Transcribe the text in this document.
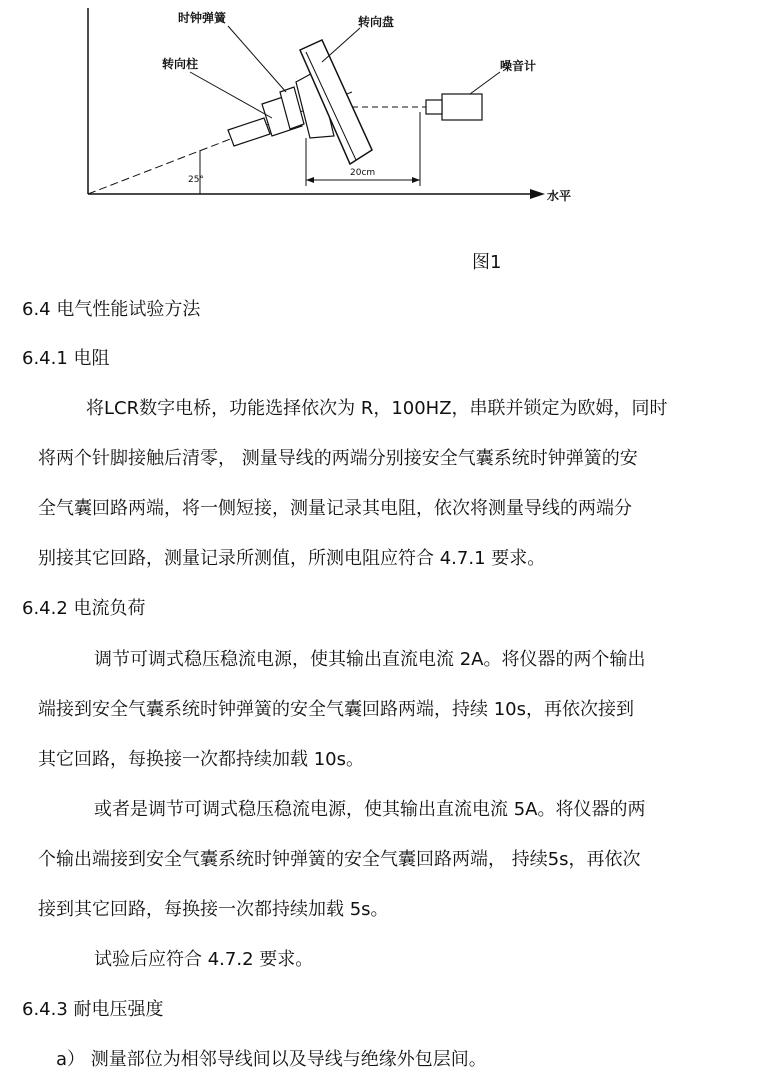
25°
时钟弹簧	转向盘
转向柱	噪音计
20cm
水平
图1
6.4 电气性能试验方法
6.4.1 电阻
将LCR数字电桥，功能选择依次为 R，100HZ，串联并锁定为欧姆，同时
将两个针脚接触后清零， 测量导线的两端分别接安全气囊系统时钟弹簧的安
全气囊回路两端，将一侧短接，测量记录其电阻，依次将测量导线的两端分
别接其它回路，测量记录所测值，所测电阻应符合 4.7.1 要求。
6.4.2 电流负荷
调节可调式稳压稳流电源，使其输出直流电流 2A。将仪器的两个输出
端接到安全气囊系统时钟弹簧的安全气囊回路两端，持续 10s，再依次接到
其它回路，每换接一次都持续加载 10s。
或者是调节可调式稳压稳流电源，使其输出直流电流 5A。将仪器的两
个输出端接到安全气囊系统时钟弹簧的安全气囊回路两端， 持续5s，再依次
接到其它回路，每换接一次都持续加载 5s。
试验后应符合 4.7.2 要求。
6.4.3 耐电压强度
a） 测量部位为相邻导线间以及导线与绝缘外包层间。
